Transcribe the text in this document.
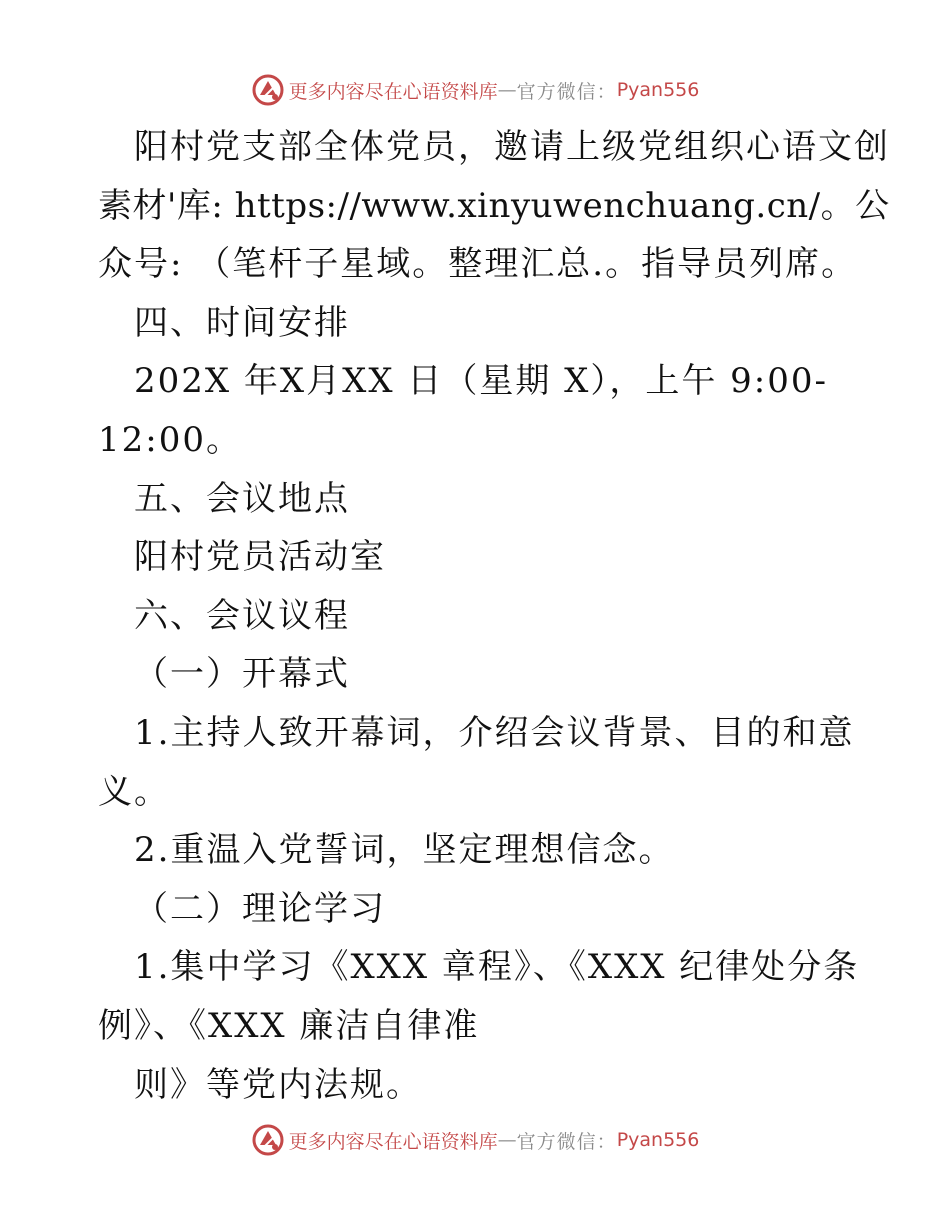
更多内容尽在心语资料库 — 官方微信： Pyan556
阳村党支部全体党员，邀请上级党组织心语文创
素材'库: https://www.xinyuwenchuang.cn/。公
众号: （笔杆子星域。整理汇总.。指导员列席。
四、时间安排
202X 年X月XX 日（星期 X），上午 9:00-
12:00。
五、会议地点
阳村党员活动室
六、会议议程
（一）开幕式
1.主持人致开幕词，介绍会议背景、目的和意
义。
2.重温入党誓词，坚定理想信念。
（二）理论学习
1.集中学习《XXX 章程》、《XXX 纪律处分条
例》、《XXX 廉洁自律准
则》等党内法规。
更多内容尽在心语资料库 — 官方微信： Pyan556
